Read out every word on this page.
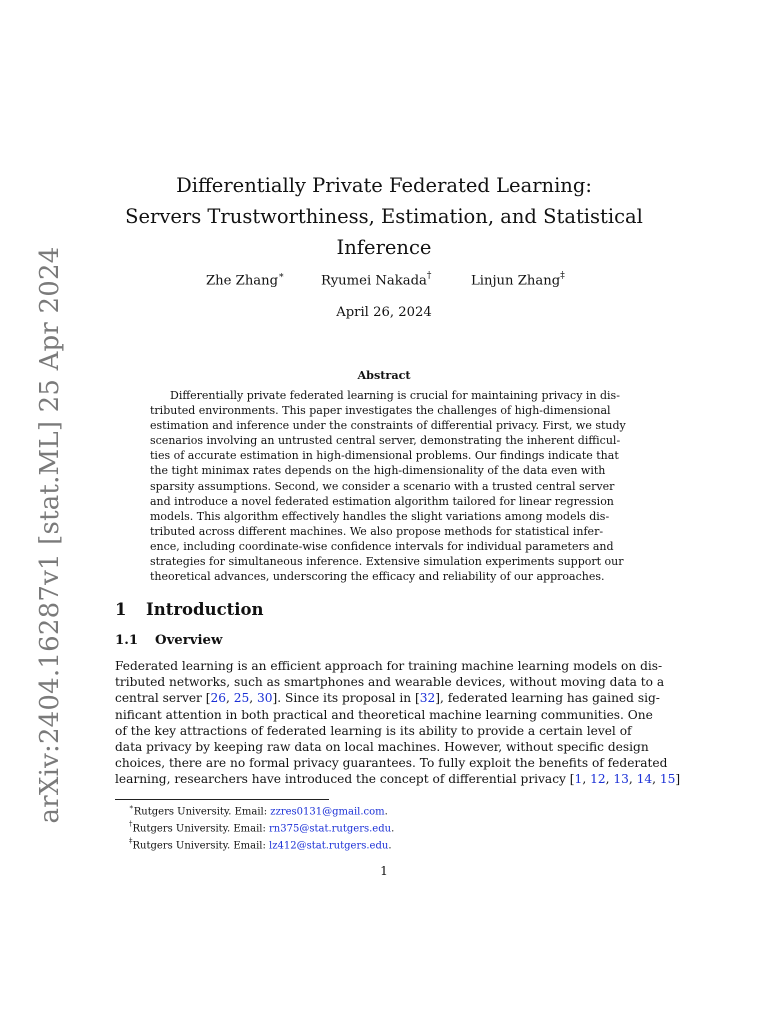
arXiv:2404.16287v1 [stat.ML] 25 Apr 2024
Differentially Private Federated Learning:
Servers Trustworthiness, Estimation, and Statistical
Inference
Zhe Zhang∗	Ryumei Nakada†	Linjun Zhang‡
April 26, 2024
Abstract
Differentially private federated learning is crucial for maintaining privacy in dis-
tributed environments. This paper investigates the challenges of high-dimensional
estimation and inference under the constraints of differential privacy. First, we study
scenarios involving an untrusted central server, demonstrating the inherent difficul-
ties of accurate estimation in high-dimensional problems. Our findings indicate that
the tight minimax rates depends on the high-dimensionality of the data even with
sparsity assumptions. Second, we consider a scenario with a trusted central server
and introduce a novel federated estimation algorithm tailored for linear regression
models. This algorithm effectively handles the slight variations among models dis-
tributed across different machines. We also propose methods for statistical infer-
ence, including coordinate-wise confidence intervals for individual parameters and
strategies for simultaneous inference. Extensive simulation experiments support our
theoretical advances, underscoring the efficacy and reliability of our approaches.
1 Introduction
1.1 Overview
Federated learning is an efficient approach for training machine learning models on dis-
tributed networks, such as smartphones and wearable devices, without moving data to a
central server [26, 25, 30]. Since its proposal in [32], federated learning has gained sig-
nificant attention in both practical and theoretical machine learning communities. One
of the key attractions of federated learning is its ability to provide a certain level of
data privacy by keeping raw data on local machines. However, without specific design
choices, there are no formal privacy guarantees. To fully exploit the benefits of federated
learning, researchers have introduced the concept of differential privacy [1, 12, 13, 14, 15]
∗Rutgers University. Email: zzres0131@gmail.com.
†Rutgers University. Email: rn375@stat.rutgers.edu.
‡Rutgers University. Email: lz412@stat.rutgers.edu.
1
